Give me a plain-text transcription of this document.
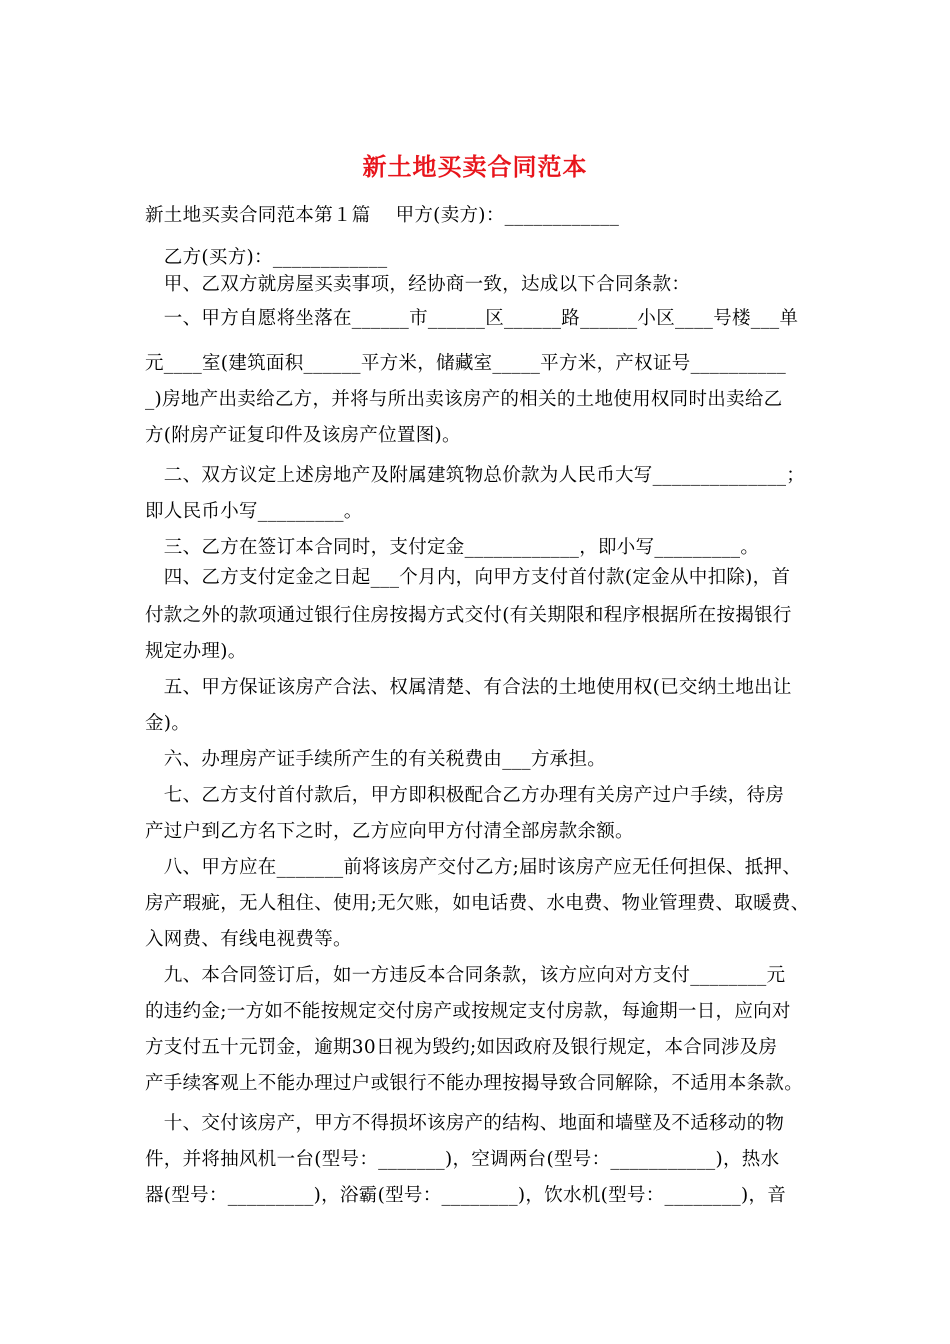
新土地买卖合同范本
新土地买卖合同范本第１篇　 甲方(卖方)：____________
　乙方(买方)：____________
　甲、乙双方就房屋买卖事项，经协商一致，达成以下合同条款：
　一、甲方自愿将坐落在______市______区______路______小区____号楼___单
元____室(建筑面积______平方米，储藏室_____平方米，产权证号__________
_)房地产出卖给乙方，并将与所出卖该房产的相关的土地使用权同时出卖给乙
方(附房产证复印件及该房产位置图)。
　二、双方议定上述房地产及附属建筑物总价款为人民币大写______________；
即人民币小写_________。
　三、乙方在签订本合同时，支付定金____________，即小写_________。
　四、乙方支付定金之日起___个月内，向甲方支付首付款(定金从中扣除)，首
付款之外的款项通过银行住房按揭方式交付(有关期限和程序根据所在按揭银行
规定办理)。
　五、甲方保证该房产合法、权属清楚、有合法的土地使用权(已交纳土地出让
金)。
　六、办理房产证手续所产生的有关税费由___方承担。
　七、乙方支付首付款后，甲方即积极配合乙方办理有关房产过户手续，待房
产过户到乙方名下之时，乙方应向甲方付清全部房款余额。
　八、甲方应在_______前将该房产交付乙方;届时该房产应无任何担保、抵押、
房产瑕疵，无人租住、使用;无欠账，如电话费、水电费、物业管理费、取暖费、
入网费、有线电视费等。
　九、本合同签订后，如一方违反本合同条款，该方应向对方支付________元
的违约金;一方如不能按规定交付房产或按规定支付房款，每逾期一日，应向对
方支付五十元罚金，逾期30日视为毁约;如因政府及银行规定，本合同涉及房
产手续客观上不能办理过户或银行不能办理按揭导致合同解除，不适用本条款。
　十、交付该房产，甲方不得损坏该房产的结构、地面和墙壁及不适移动的物
件，并将抽风机一台(型号：_______)，空调两台(型号：___________)，热水
器(型号：_________)，浴霸(型号：________)，饮水机(型号：________)，音
